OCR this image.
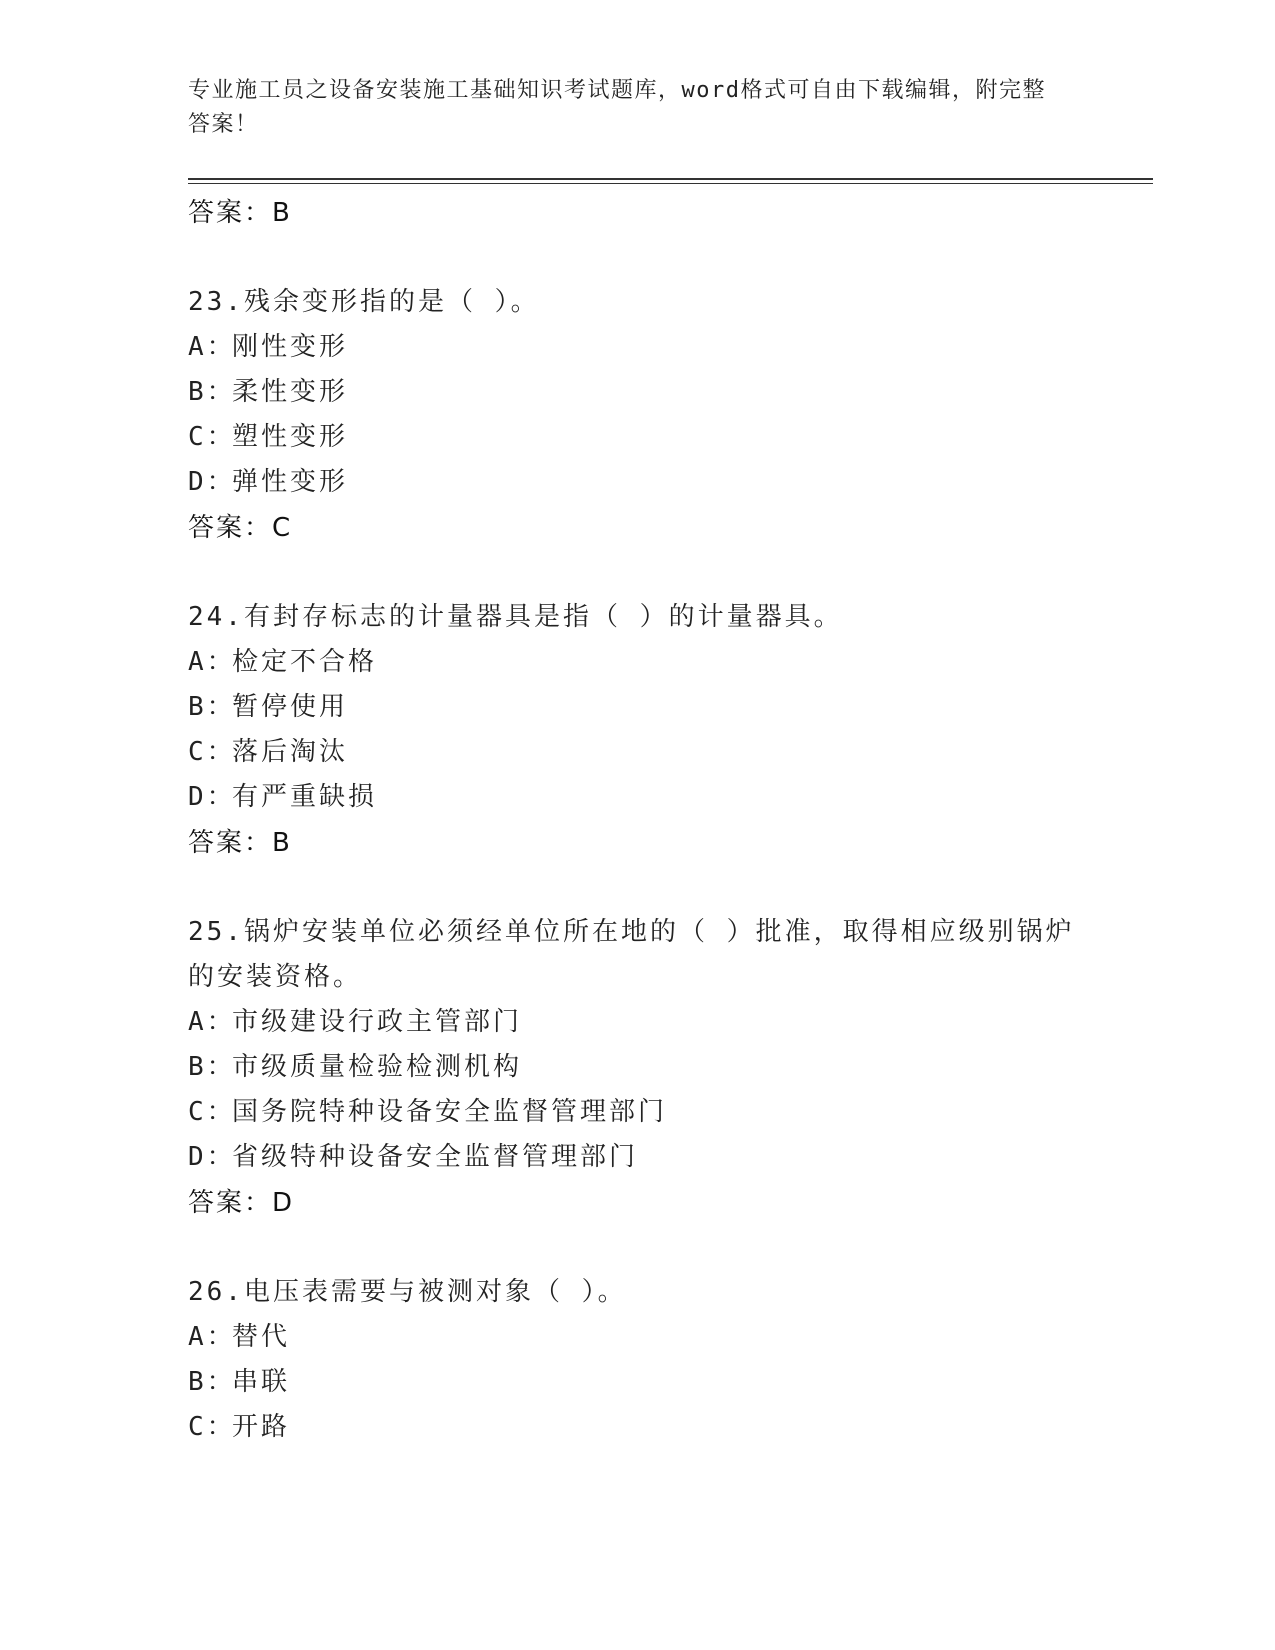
专业施工员之设备安装施工基础知识考试题库，word格式可自由下载编辑，附完整答案！
答案：B
23.残余变形指的是（ ）。
A：刚性变形
B：柔性变形
C：塑性变形
D：弹性变形
答案：C
24.有封存标志的计量器具是指（ ）的计量器具。
A：检定不合格
B：暂停使用
C：落后淘汰
D：有严重缺损
答案：B
25.锅炉安装单位必须经单位所在地的（ ）批准，取得相应级别锅炉
的安装资格。
A：市级建设行政主管部门
B：市级质量检验检测机构
C：国务院特种设备安全监督管理部门
D：省级特种设备安全监督管理部门
答案：D
26.电压表需要与被测对象（ ）。
A：替代
B：串联
C：开路
